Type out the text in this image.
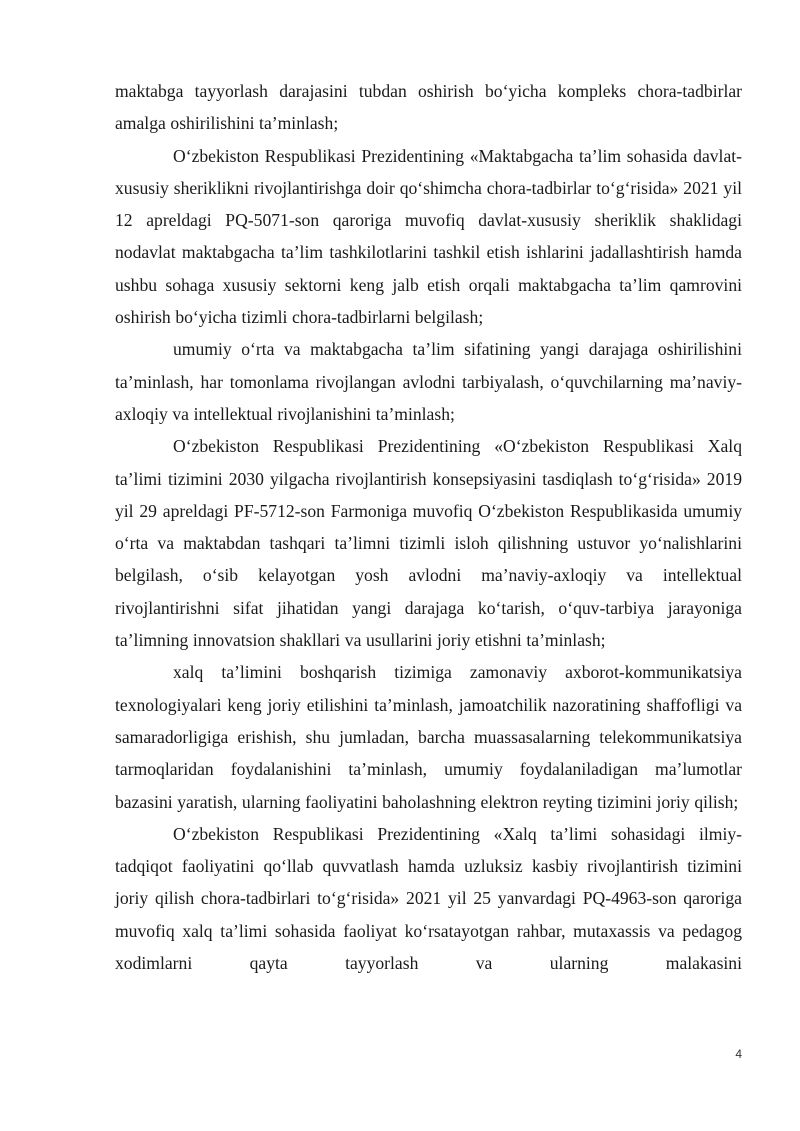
maktabga tayyorlash darajasini tubdan oshirish bo‘yicha kompleks chora-tadbirlar amalga oshirilishini ta’minlash;

O‘zbekiston Respublikasi Prezidentining «Maktabgacha ta’lim sohasida davlat-xususiy sheriklikni rivojlantirishga doir qo‘shimcha chora-tadbirlar to‘g‘risida» 2021 yil 12 apreldagi PQ-5071-son qaroriga muvofiq davlat-xususiy sheriklik shaklidagi nodavlat maktabgacha ta’lim tashkilotlarini tashkil etish ishlarini jadallashtirish hamda ushbu sohaga xususiy sektorni keng jalb etish orqali maktabgacha ta’lim qamrovini oshirish bo‘yicha tizimli chora-tadbirlarni belgilash;

umumiy o‘rta va maktabgacha ta’lim sifatining yangi darajaga oshirilishini ta’minlash, har tomonlama rivojlangan avlodni tarbiyalash, o‘quvchilarning ma’naviy-axloqiy va intellektual rivojlanishini ta’minlash;

O‘zbekiston Respublikasi Prezidentining «O‘zbekiston Respublikasi Xalq ta’limi tizimini 2030 yilgacha rivojlantirish konsepsiyasini tasdiqlash to‘g‘risida» 2019 yil 29 apreldagi PF-5712-son Farmoniga muvofiq O‘zbekiston Respublikasida umumiy o‘rta va maktabdan tashqari ta’limni tizimli isloh qilishning ustuvor yo‘nalishlarini belgilash, o‘sib kelayotgan yosh avlodni ma’naviy-axloqiy va intellektual rivojlantirishni sifat jihatidan yangi darajaga ko‘tarish, o‘quv-tarbiya jarayoniga ta’limning innovatsion shakllari va usullarini joriy etishni ta’minlash;

xalq ta’limini boshqarish tizimiga zamonaviy axborot-kommunikatsiya texnologiyalari keng joriy etilishini ta’minlash, jamoatchilik nazoratining shaffofligi va samaradorligiga erishish, shu jumladan, barcha muassasalarning telekommunikatsiya tarmoqlaridan foydalanishini ta’minlash, umumiy foydalaniladigan ma’lumotlar bazasini yaratish, ularning faoliyatini baholashning elektron reyting tizimini joriy qilish;

O‘zbekiston Respublikasi Prezidentining «Xalq ta’limi sohasidagi ilmiy-tadqiqot faoliyatini qo‘llab quvvatlash hamda uzluksiz kasbiy rivojlantirish tizimini joriy qilish chora-tadbirlari to‘g‘risida» 2021 yil 25 yanvardagi PQ-4963-son qaroriga muvofiq xalq ta’limi sohasida faoliyat ko‘rsatayotgan rahbar, mutaxassis va pedagog xodimlarni qayta tayyorlash va ularning malakasini

4
